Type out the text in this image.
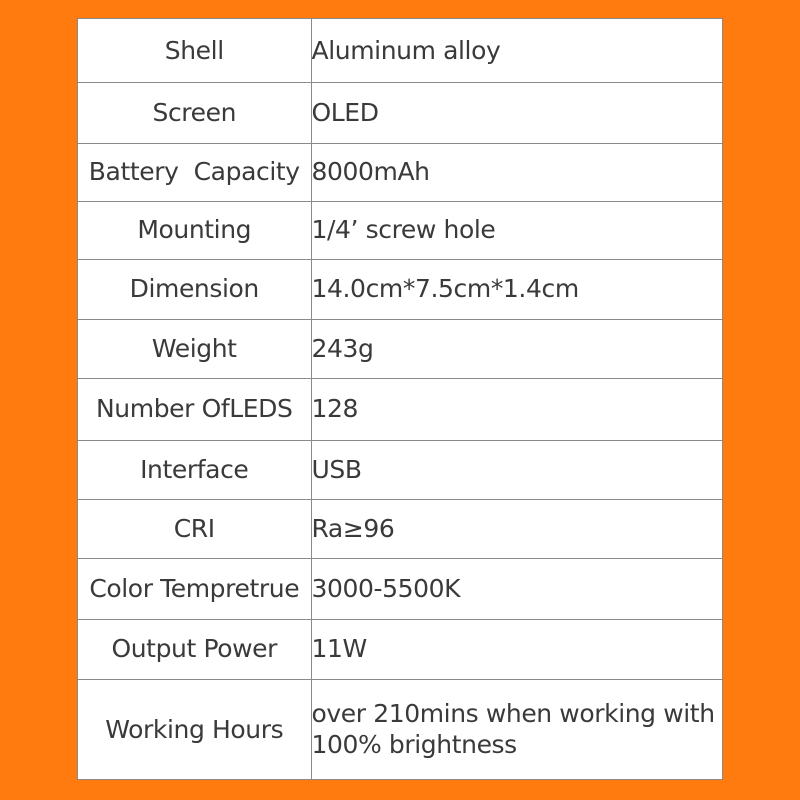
Shell	Aluminum alloy
Screen	OLED
Battery  Capacity	8000mAh
Mounting	1/4’ screw hole
Dimension	14.0cm*7.5cm*1.4cm
Weight	243g
Number OfLEDS	128
Interface	USB
CRI	Ra≥96
Color Tempretrue	3000-5500K
Output Power	11W
Working Hours	over 210mins when working with 100% brightness
